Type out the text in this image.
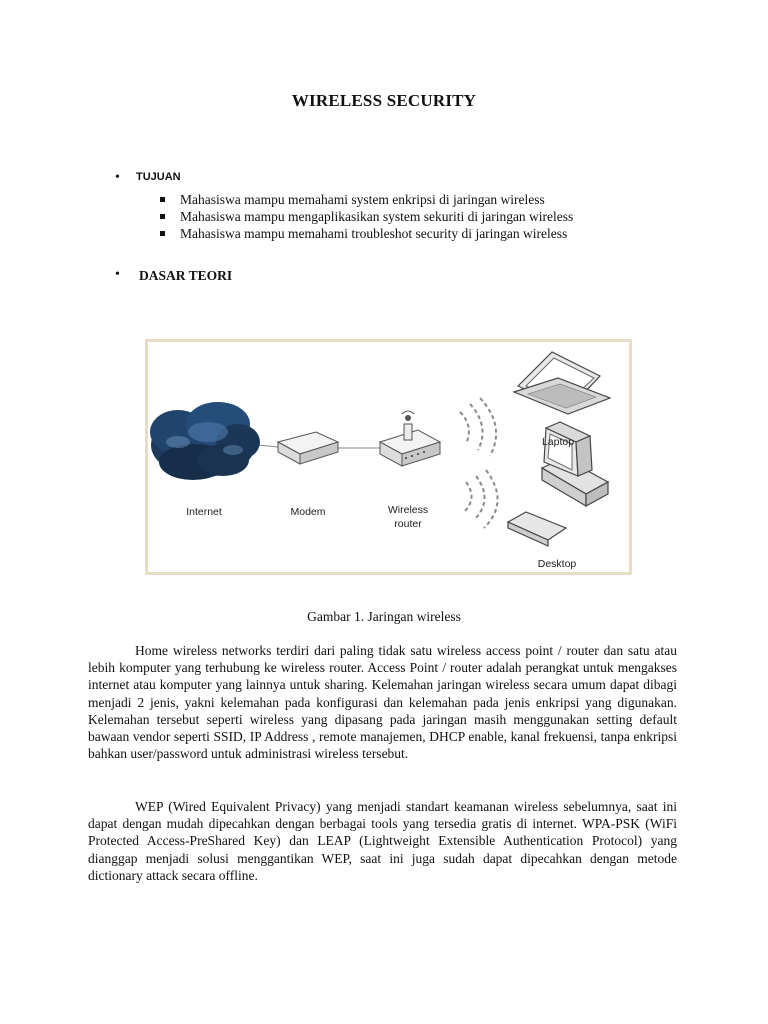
WIRELESS SECURITY
• TUJUAN
Mahasiswa mampu memahami system enkripsi di jaringan wireless
Mahasiswa mampu mengaplikasikan system sekuriti di jaringan wireless
Mahasiswa mampu memahami troubleshot security di jaringan wireless
• DASAR TEORI
Internet	Modem	Wireless
router
Laptop
Desktop
Gambar 1. Jaringan wireless

Home wireless networks terdiri dari paling tidak satu wireless access point / router dan satu atau lebih komputer yang terhubung ke wireless router. Access Point / router adalah perangkat untuk mengakses internet atau komputer yang lainnya untuk sharing. Kelemahan jaringan wireless secara umum dapat dibagi menjadi 2 jenis, yakni kelemahan pada konfigurasi dan kelemahan pada jenis enkripsi yang digunakan. Kelemahan tersebut seperti wireless yang dipasang pada jaringan masih menggunakan setting default bawaan vendor seperti SSID, IP Address , remote manajemen, DHCP enable, kanal frekuensi, tanpa enkripsi bahkan user/password untuk administrasi wireless tersebut.

WEP (Wired Equivalent Privacy) yang menjadi standart keamanan wireless sebelumnya, saat ini dapat dengan mudah dipecahkan dengan berbagai tools yang tersedia gratis di internet. WPA-PSK (WiFi Protected Access-PreShared Key) dan LEAP (Lightweight Extensible Authentication Protocol) yang dianggap menjadi solusi menggantikan WEP, saat ini juga sudah dapat dipecahkan dengan metode dictionary attack secara offline.
